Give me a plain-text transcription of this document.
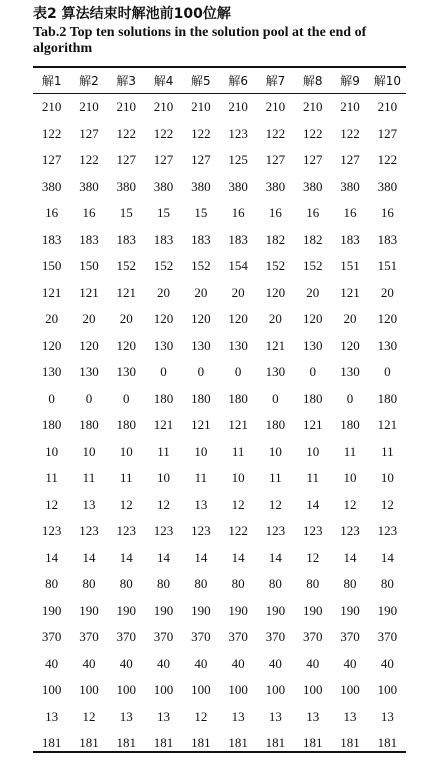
表2 算法结束时解池前100位解
Tab.2 Top ten solutions in the solution pool at the end of algorithm
解1	解2	解3	解4	解5	解6	解7	解8	解9	解10
210	210	210	210	210	210	210	210	210	210
122	127	122	122	122	123	122	122	122	127
127	122	127	127	127	125	127	127	127	122
380	380	380	380	380	380	380	380	380	380
16	16	15	15	15	16	16	16	16	16
183	183	183	183	183	183	182	182	183	183
150	150	152	152	152	154	152	152	151	151
121	121	121	20	20	20	120	20	121	20
20	20	20	120	120	120	20	120	20	120
120	120	120	130	130	130	121	130	120	130
130	130	130	0	0	0	130	0	130	0
0	0	0	180	180	180	0	180	0	180
180	180	180	121	121	121	180	121	180	121
10	10	10	11	10	11	10	10	11	11
11	11	11	10	11	10	11	11	10	10
12	13	12	12	13	12	12	14	12	12
123	123	123	123	123	122	123	123	123	123
14	14	14	14	14	14	14	12	14	14
80	80	80	80	80	80	80	80	80	80
190	190	190	190	190	190	190	190	190	190
370	370	370	370	370	370	370	370	370	370
40	40	40	40	40	40	40	40	40	40
100	100	100	100	100	100	100	100	100	100
13	12	13	13	12	13	13	13	13	13
181	181	181	181	181	181	181	181	181	181
